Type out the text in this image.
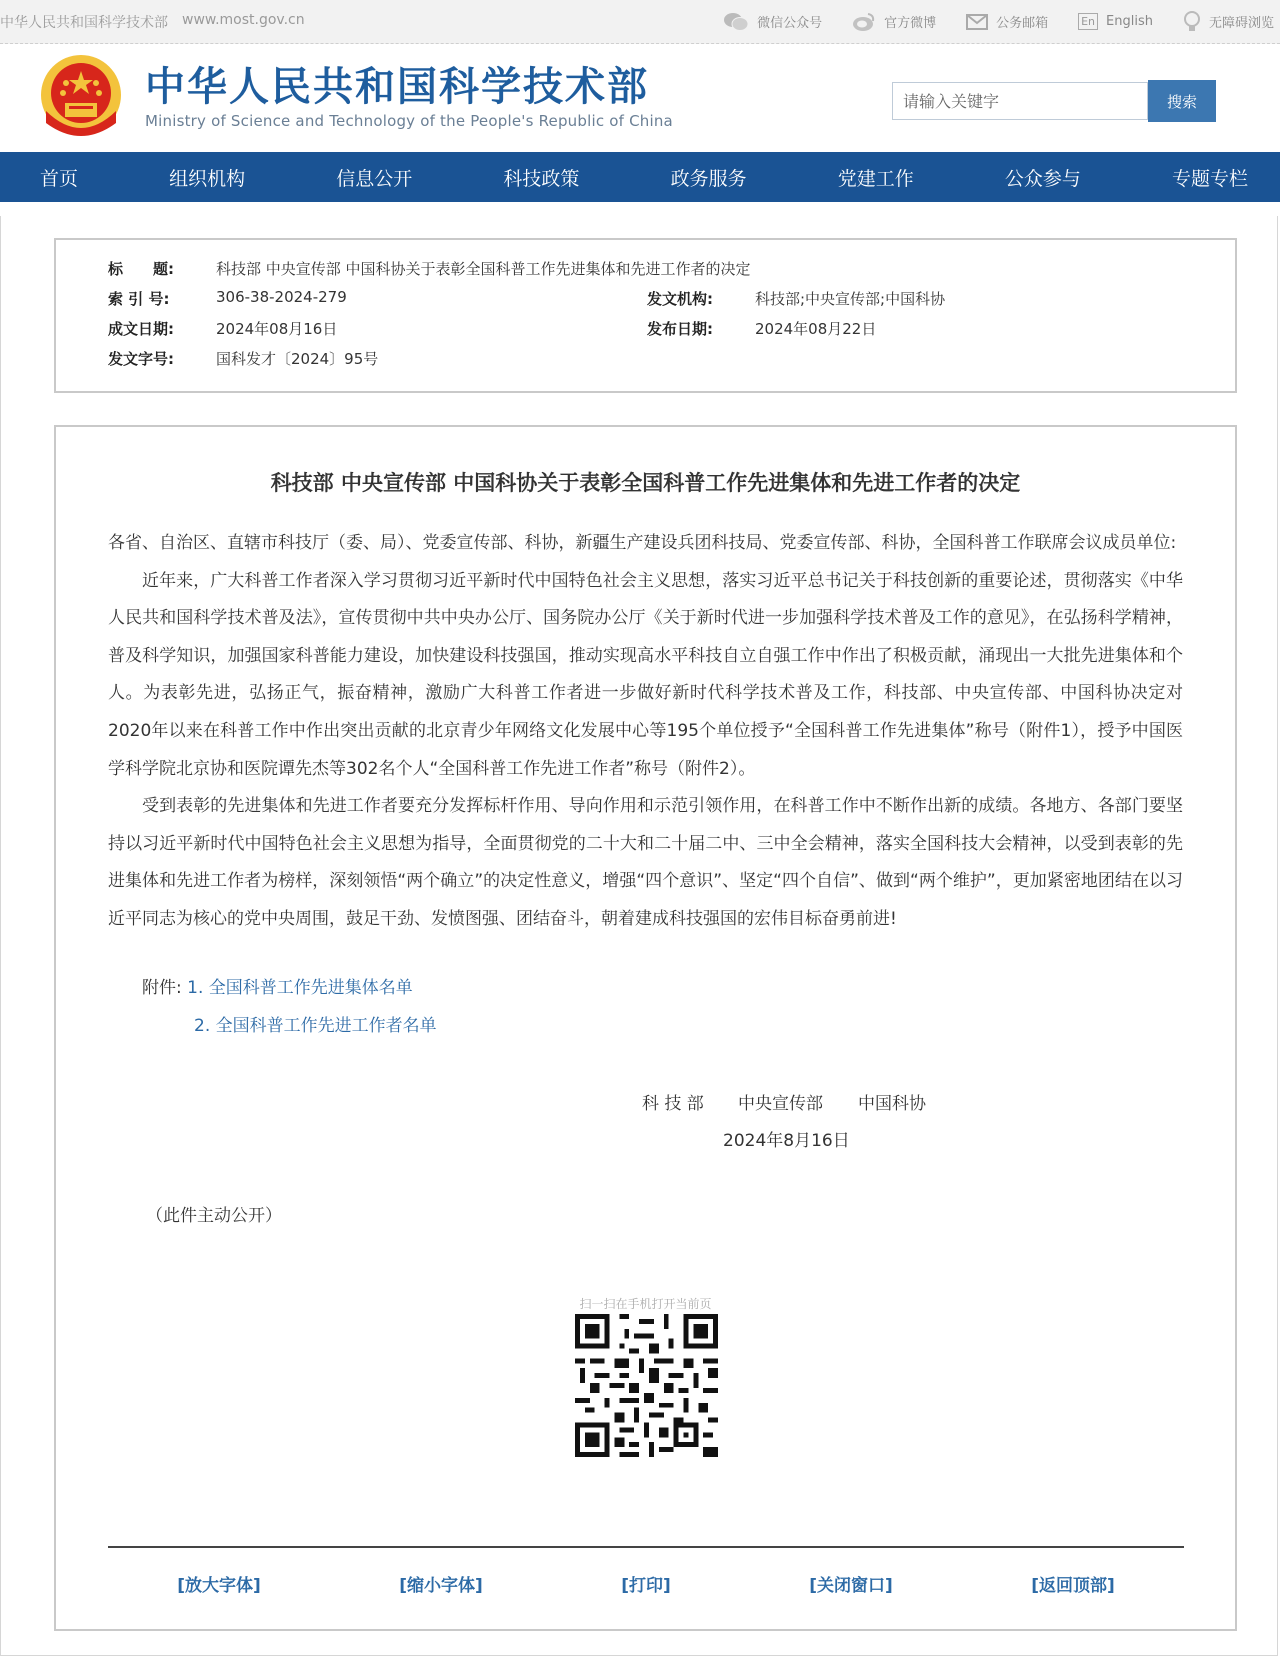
中华人民共和国科学技术部 www.most.gov.cn	微信公众号	官方微博	公务邮箱	En English	无障碍浏览
中华人民共和国科学技术部
Ministry of Science and Technology of the People's Republic of China
请输入关键字
搜索
首页	组织机构	信息公开	科技政策	政务服务	党建工作	公众参与	专题专栏
标　　题:	科技部 中央宣传部 中国科协关于表彰全国科普工作先进集体和先进工作者的决定
索 引 号:	306-38-2024-279	发文机构:	科技部;中央宣传部;中国科协
成文日期:	2024年08月16日	发布日期:	2024年08月22日
发文字号:	国科发才〔2024〕95号
科技部 中央宣传部 中国科协关于表彰全国科普工作先进集体和先进工作者的决定

各省、自治区、直辖市科技厅（委、局）、党委宣传部、科协，新疆生产建设兵团科技局、党委宣传部、科协，全国科普工作联席会议成员单位:

近年来，广大科普工作者深入学习贯彻习近平新时代中国特色社会主义思想，落实习近平总书记关于科技创新的重要论述，贯彻落实《中华人民共和国科学技术普及法》，宣传贯彻中共中央办公厅、国务院办公厅《关于新时代进一步加强科学技术普及工作的意见》，在弘扬科学精神，普及科学知识，加强国家科普能力建设，加快建设科技强国，推动实现高水平科技自立自强工作中作出了积极贡献，涌现出一大批先进集体和个人。为表彰先进，弘扬正气，振奋精神，激励广大科普工作者进一步做好新时代科学技术普及工作，科技部、中央宣传部、中国科协决定对2020年以来在科普工作中作出突出贡献的北京青少年网络文化发展中心等195个单位授予“全国科普工作先进集体”称号（附件1），授予中国医学科学院北京协和医院谭先杰等302名个人“全国科普工作先进工作者”称号（附件2）。

受到表彰的先进集体和先进工作者要充分发挥标杆作用、导向作用和示范引领作用，在科普工作中不断作出新的成绩。各地方、各部门要坚持以习近平新时代中国特色社会主义思想为指导，全面贯彻党的二十大和二十届二中、三中全会精神，落实全国科技大会精神，以受到表彰的先进集体和先进工作者为榜样，深刻领悟“两个确立”的决定性意义，增强“四个意识”、坚定“四个自信”、做到“两个维护”，更加紧密地团结在以习近平同志为核心的党中央周围，鼓足干劲、发愤图强、团结奋斗，朝着建成科技强国的宏伟目标奋勇前进!

附件: 1. 全国科普工作先进集体名单
2. 全国科普工作先进工作者名单
科 技 部 中央宣传部 中国科协
2024年8月16日
（此件主动公开）
扫一扫在手机打开当前页
[放大字体]	[缩小字体]	[打印]	[关闭窗口]	[返回顶部]
